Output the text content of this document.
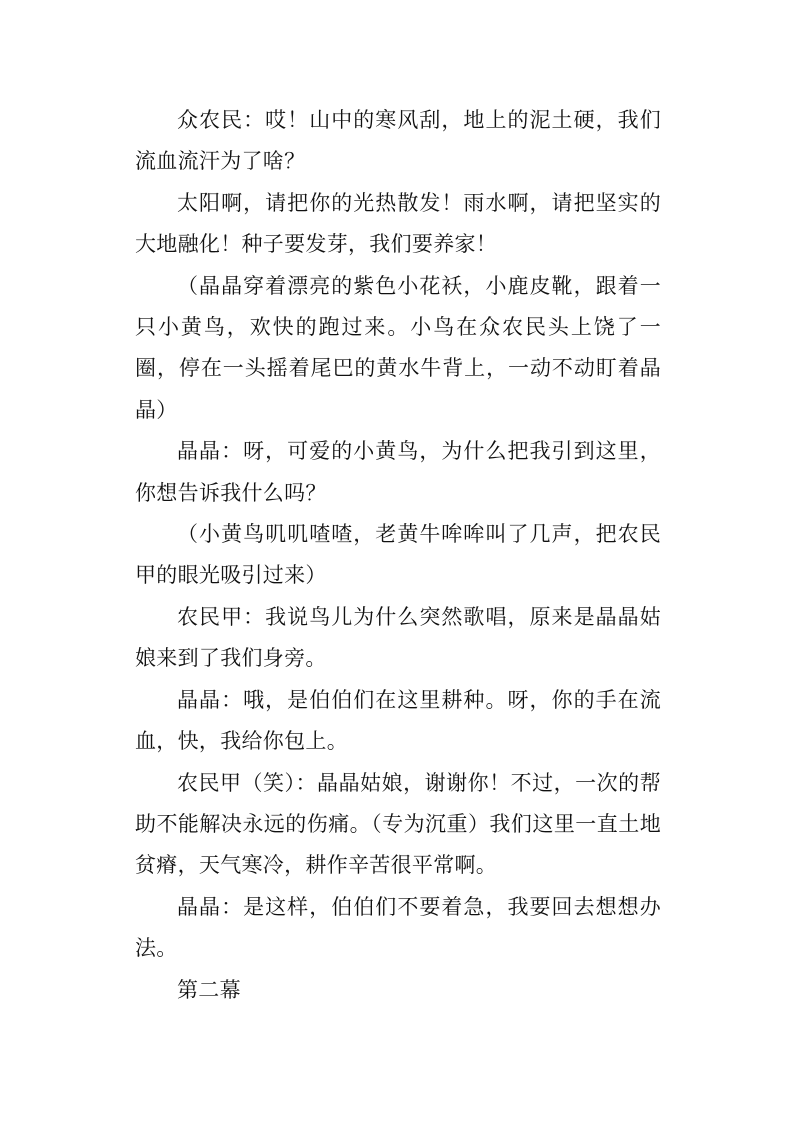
众农民：哎！山中的寒风刮，地上的泥土硬，我们流血流汗为了啥？

太阳啊，请把你的光热散发！雨水啊，请把坚实的大地融化！种子要发芽，我们要养家！

（晶晶穿着漂亮的紫色小花袄，小鹿皮靴，跟着一只小黄鸟，欢快的跑过来。小鸟在众农民头上饶了一圈，停在一头摇着尾巴的黄水牛背上，一动不动盯着晶晶）

晶晶：呀，可爱的小黄鸟，为什么把我引到这里，你想告诉我什么吗？

（小黄鸟叽叽喳喳，老黄牛哞哞叫了几声，把农民甲的眼光吸引过来）

农民甲：我说鸟儿为什么突然歌唱，原来是晶晶姑娘来到了我们身旁。

晶晶：哦，是伯伯们在这里耕种。呀，你的手在流血，快，我给你包上。

农民甲（笑）：晶晶姑娘，谢谢你！不过，一次的帮助不能解决永远的伤痛。（专为沉重）我们这里一直土地贫瘠，天气寒冷，耕作辛苦很平常啊。

晶晶：是这样，伯伯们不要着急，我要回去想想办法。

第二幕
